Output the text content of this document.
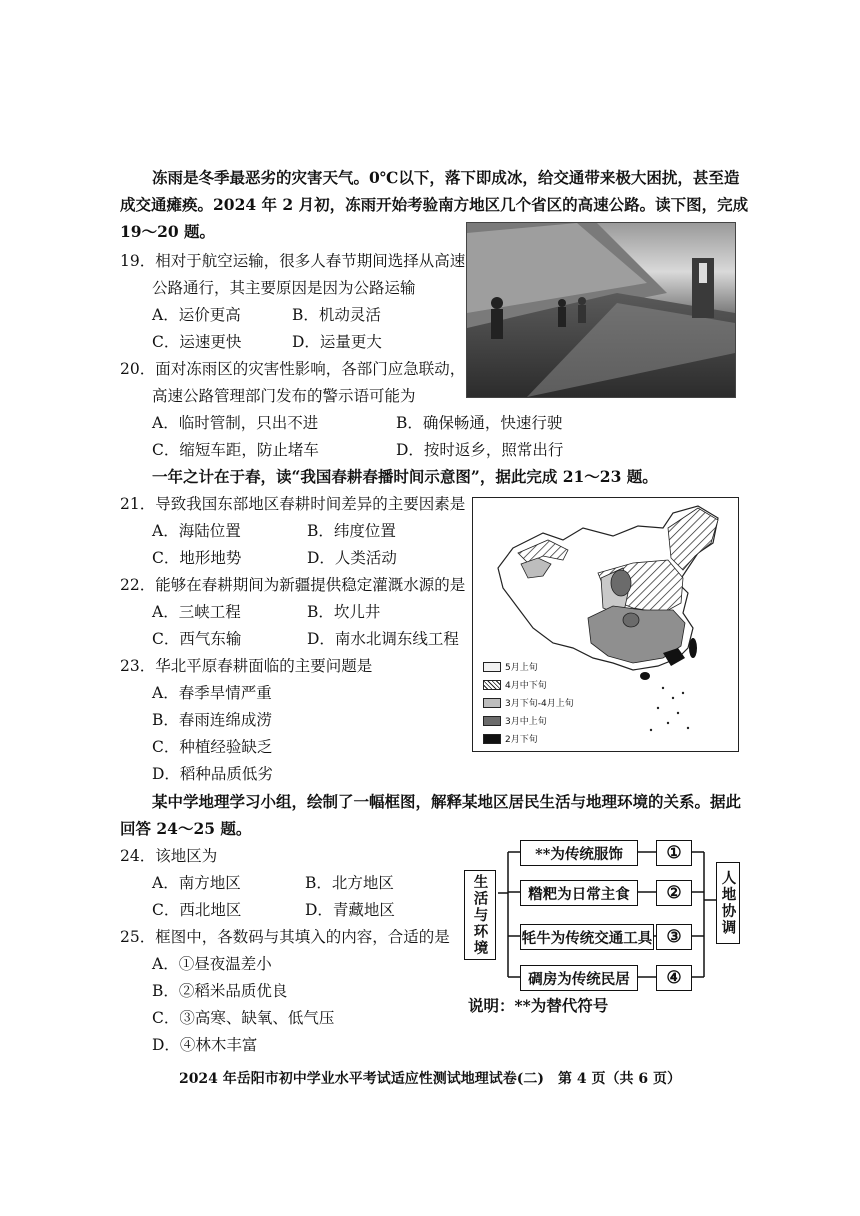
冻雨是冬季最恶劣的灾害天气。0℃以下，落下即成冰，给交通带来极大困扰，甚至造
成交通瘫痪。2024 年 2 月初，冻雨开始考验南方地区几个省区的高速公路。读下图，完成
19～20 题。
19．相对于航空运输，很多人春节期间选择从高速
公路通行，其主要原因是因为公路运输
A．运价更高	B．机动灵活
C．运速更快	D．运量更大
20．面对冻雨区的灾害性影响，各部门应急联动，
高速公路管理部门发布的警示语可能为
A．临时管制，只出不进	B．确保畅通，快速行驶
C．缩短车距，防止堵车	D．按时返乡，照常出行
一年之计在于春，读“我国春耕春播时间示意图”，据此完成 21～23 题。
21．导致我国东部地区春耕时间差异的主要因素是
A．海陆位置	B．纬度位置
C．地形地势	D．人类活动
22．能够在春耕期间为新疆提供稳定灌溉水源的是
A．三峡工程	B．坎儿井
C．西气东输	D．南水北调东线工程
23．华北平原春耕面临的主要问题是
A．春季旱情严重
B．春雨连绵成涝
C．种植经验缺乏
D．稻种品质低劣
5月上旬
4月中下旬
3月下旬-4月上旬
3月中上旬
2月下旬
某中学地理学习小组，绘制了一幅框图，解释某地区居民生活与地理环境的关系。据此
回答 24～25 题。
24．该地区为
A．南方地区	B．北方地区
C．西北地区	D．青藏地区
25．框图中，各数码与其填入的内容，合适的是
A．①昼夜温差小
B．②稻米品质优良
C．③高寒、缺氧、低气压
D．④林木丰富
生活与环境
**为传统服饰
糌粑为日常主食
牦牛为传统交通工具
碉房为传统民居
①
②
③
④
人地协调
说明：**为替代符号
2024 年岳阳市初中学业水平考试适应性测试地理试卷(二)　第 4 页（共 6 页）
